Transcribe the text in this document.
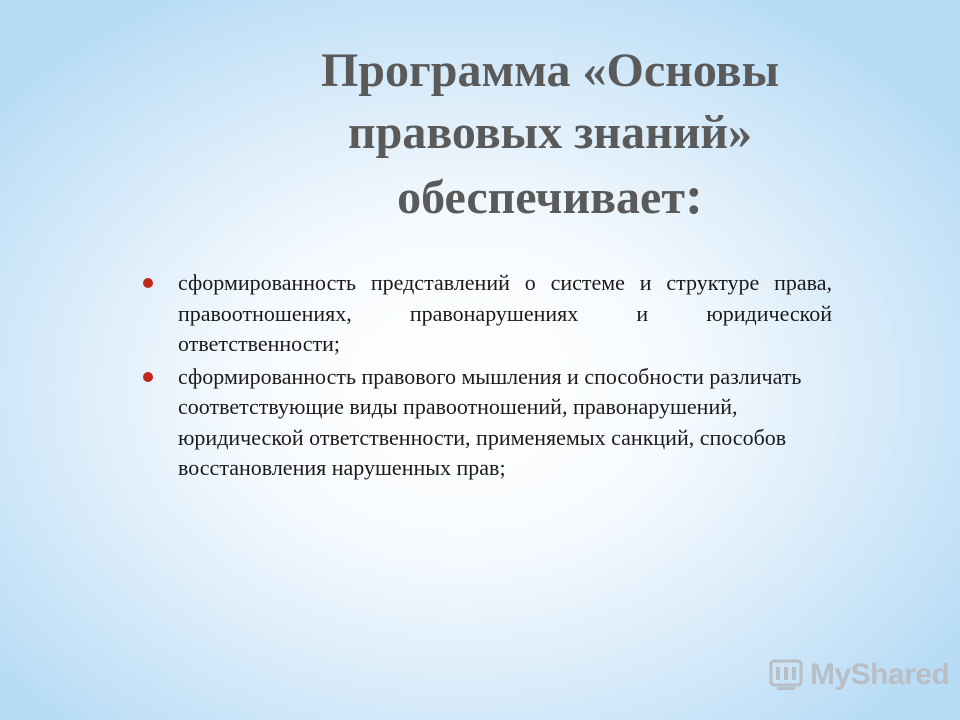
Программа «Основы
правовых знаний»
обеспечивает:
сформированность представлений о системе и структуре права, правоотношениях, правонарушениях и юридической ответственности;
сформированность правового мышления и способности различать соответствующие виды правоотношений, правонарушений, юридической ответственности, применяемых санкций, способов восстановления нарушенных прав;
MyShared
